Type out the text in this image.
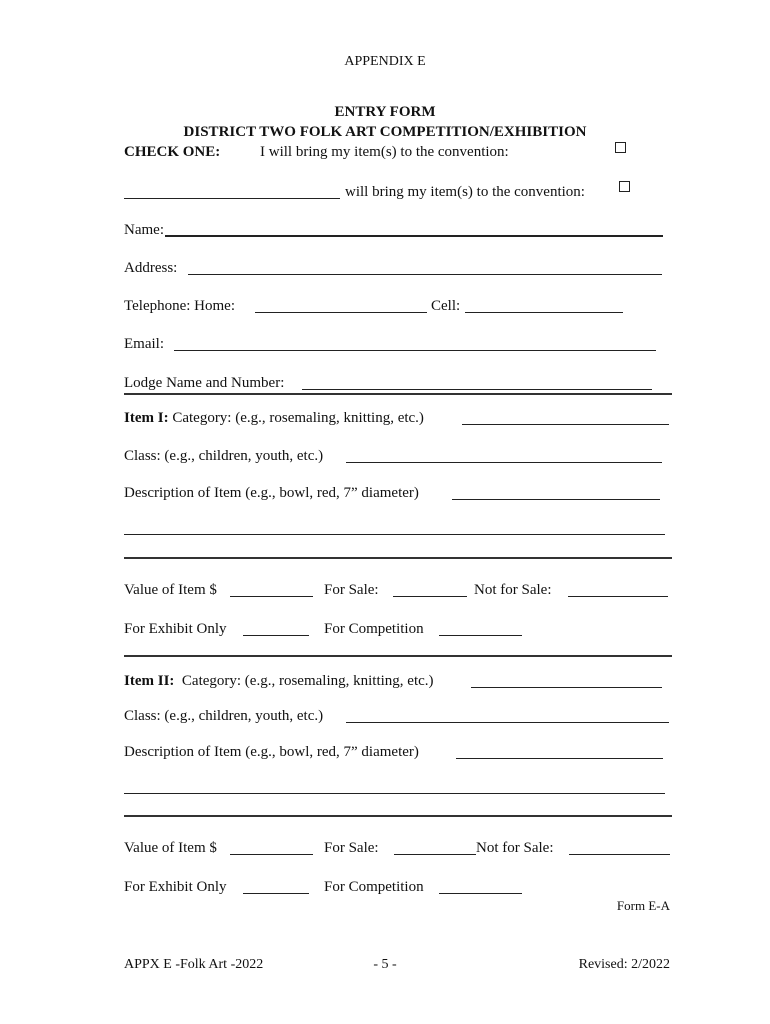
APPENDIX E
ENTRY FORM
DISTRICT TWO FOLK ART COMPETITION/EXHIBITION
CHECK ONE:	I will bring my item(s) to the convention:
will bring my item(s) to the convention:
Name:
Address:
Telephone: Home:	Cell:
Email:
Lodge Name and Number:
Item I: Category: (e.g., rosemaling, knitting, etc.)
Class: (e.g., children, youth, etc.)
Description of Item (e.g., bowl, red, 7” diameter)
Value of Item $	For Sale:	Not for Sale:
For Exhibit Only	For Competition
Item II: Category: (e.g., rosemaling, knitting, etc.)
Class: (e.g., children, youth, etc.)
Description of Item (e.g., bowl, red, 7” diameter)
Value of Item $	For Sale:	Not for Sale:
For Exhibit Only	For Competition
Form E-A
APPX E -Folk Art -2022	- 5 -	Revised: 2/2022
